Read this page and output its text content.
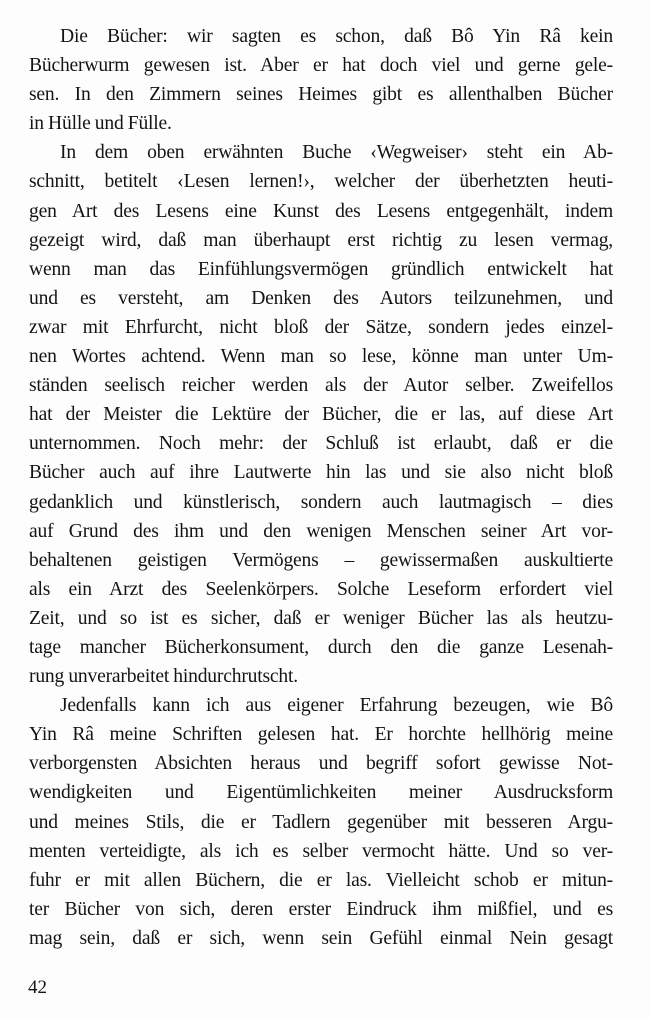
Die Bücher: wir sagten es schon, daß Bô Yin Râ kein
Bücherwurm gewesen ist. Aber er hat doch viel und gerne gele-
sen. In den Zimmern seines Heimes gibt es allenthalben Bücher
in Hülle und Fülle.
In dem oben erwähnten Buche ‹Wegweiser› steht ein Ab-
schnitt, betitelt ‹Lesen lernen!›, welcher der überhetzten heuti-
gen Art des Lesens eine Kunst des Lesens entgegenhält, indem
gezeigt wird, daß man überhaupt erst richtig zu lesen vermag,
wenn man das Einfühlungsvermögen gründlich entwickelt hat
und es versteht, am Denken des Autors teilzunehmen, und
zwar mit Ehrfurcht, nicht bloß der Sätze, sondern jedes einzel-
nen Wortes achtend. Wenn man so lese, könne man unter Um-
ständen seelisch reicher werden als der Autor selber. Zweifellos
hat der Meister die Lektüre der Bücher, die er las, auf diese Art
unternommen. Noch mehr: der Schluß ist erlaubt, daß er die
Bücher auch auf ihre Lautwerte hin las und sie also nicht bloß
gedanklich und künstlerisch, sondern auch lautmagisch – dies
auf Grund des ihm und den wenigen Menschen seiner Art vor-
behaltenen geistigen Vermögens – gewissermaßen auskultierte
als ein Arzt des Seelenkörpers. Solche Leseform erfordert viel
Zeit, und so ist es sicher, daß er weniger Bücher las als heutzu-
tage mancher Bücherkonsument, durch den die ganze Lesenah-
rung unverarbeitet hindurchrutscht.
Jedenfalls kann ich aus eigener Erfahrung bezeugen, wie Bô
Yin Râ meine Schriften gelesen hat. Er horchte hellhörig meine
verborgensten Absichten heraus und begriff sofort gewisse Not-
wendigkeiten und Eigentümlichkeiten meiner Ausdrucksform
und meines Stils, die er Tadlern gegenüber mit besseren Argu-
menten verteidigte, als ich es selber vermocht hätte. Und so ver-
fuhr er mit allen Büchern, die er las. Vielleicht schob er mitun-
ter Bücher von sich, deren erster Eindruck ihm mißfiel, und es
mag sein, daß er sich, wenn sein Gefühl einmal Nein gesagt
42
